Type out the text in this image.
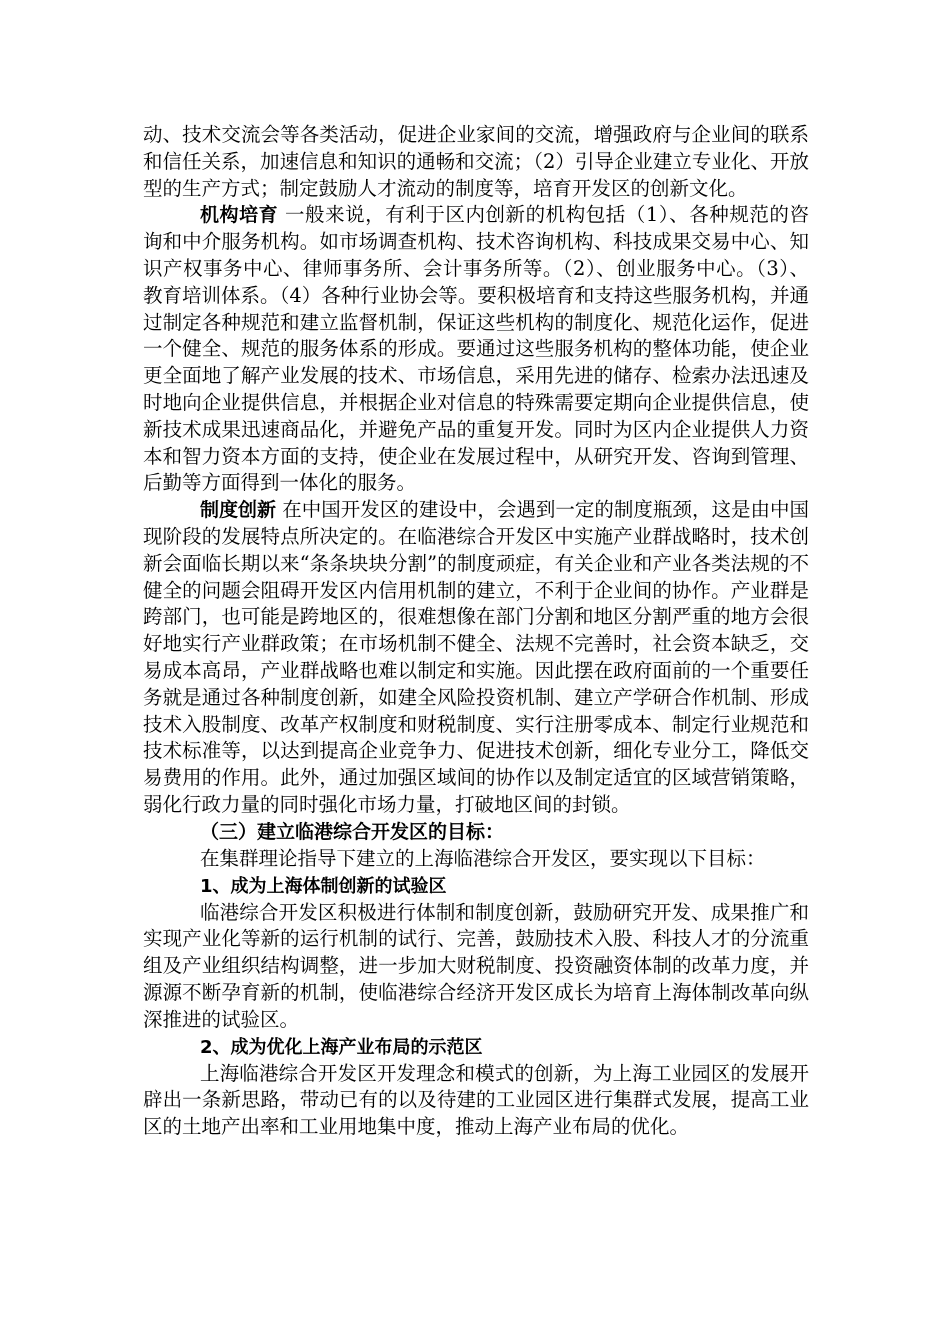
动、技术交流会等各类活动，促进企业家间的交流，增强政府与企业间的联系和信任关系，加速信息和知识的通畅和交流；（2）引导企业建立专业化、开放型的生产方式；制定鼓励人才流动的制度等，培育开发区的创新文化。

机构培育 一般来说，有利于区内创新的机构包括（1）、各种规范的咨询和中介服务机构。如市场调查机构、技术咨询机构、科技成果交易中心、知识产权事务中心、律师事务所、会计事务所等。（2）、创业服务中心。（3）、教育培训体系。（4）各种行业协会等。要积极培育和支持这些服务机构，并通过制定各种规范和建立监督机制，保证这些机构的制度化、规范化运作，促进一个健全、规范的服务体系的形成。要通过这些服务机构的整体功能，使企业更全面地了解产业发展的技术、市场信息，采用先进的储存、检索办法迅速及时地向企业提供信息，并根据企业对信息的特殊需要定期向企业提供信息，使新技术成果迅速商品化，并避免产品的重复开发。同时为区内企业提供人力资本和智力资本方面的支持，使企业在发展过程中，从研究开发、咨询到管理、后勤等方面得到一体化的服务。

制度创新 在中国开发区的建设中，会遇到一定的制度瓶颈，这是由中国现阶段的发展特点所决定的。在临港综合开发区中实施产业群战略时，技术创新会面临长期以来“条条块块分割”的制度顽症，有关企业和产业各类法规的不健全的问题会阻碍开发区内信用机制的建立，不利于企业间的协作。产业群是跨部门，也可能是跨地区的，很难想像在部门分割和地区分割严重的地方会很好地实行产业群政策；在市场机制不健全、法规不完善时，社会资本缺乏，交易成本高昂，产业群战略也难以制定和实施。因此摆在政府面前的一个重要任务就是通过各种制度创新，如建全风险投资机制、建立产学研合作机制、形成技术入股制度、改革产权制度和财税制度、实行注册零成本、制定行业规范和技术标准等，以达到提高企业竞争力、促进技术创新，细化专业分工，降低交易费用的作用。此外，通过加强区域间的协作以及制定适宜的区域营销策略，弱化行政力量的同时强化市场力量，打破地区间的封锁。

（三）建立临港综合开发区的目标：

在集群理论指导下建立的上海临港综合开发区，要实现以下目标：

1、成为上海体制创新的试验区

临港综合开发区积极进行体制和制度创新，鼓励研究开发、成果推广和实现产业化等新的运行机制的试行、完善，鼓励技术入股、科技人才的分流重组及产业组织结构调整，进一步加大财税制度、投资融资体制的改革力度，并源源不断孕育新的机制，使临港综合经济开发区成长为培育上海体制改革向纵深推进的试验区。

2、成为优化上海产业布局的示范区

上海临港综合开发区开发理念和模式的创新，为上海工业园区的发展开辟出一条新思路，带动已有的以及待建的工业园区进行集群式发展，提高工业区的土地产出率和工业用地集中度，推动上海产业布局的优化。
